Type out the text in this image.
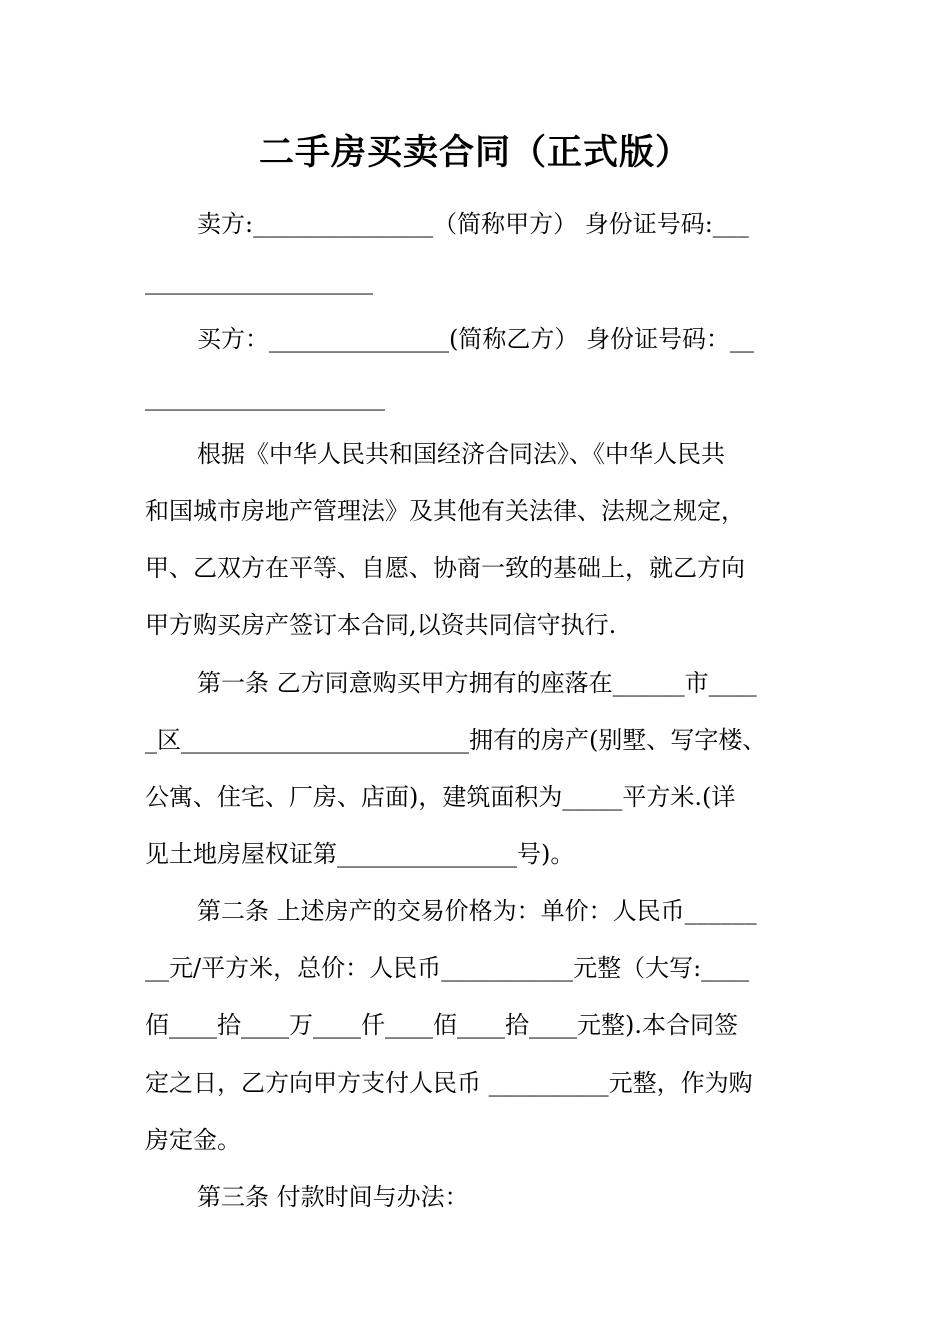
二手房买卖合同（正式版）
卖方:_______________（简称甲方） 身份证号码:___
___________________
买方：_______________(简称乙方） 身份证号码：__
____________________
根据《中华人民共和国经济合同法》、《中华人民共
和国城市房地产管理法》及其他有关法律、法规之规定，
甲、乙双方在平等、自愿、协商一致的基础上，就乙方向
甲方购买房产签订本合同,以资共同信守执行.
第一条 乙方同意购买甲方拥有的座落在______市____
_区________________________拥有的房产(别墅、写字楼、
公寓、住宅、厂房、店面)，建筑面积为_____平方米.(详
见土地房屋权证第_______________号)。
第二条 上述房产的交易价格为：单价：人民币______
__元/平方米，总价：人民币___________元整（大写:____
佰____拾____万____仟____佰____拾____元整).本合同签
定之日，乙方向甲方支付人民币 __________元整，作为购
房定金。
第三条 付款时间与办法：
